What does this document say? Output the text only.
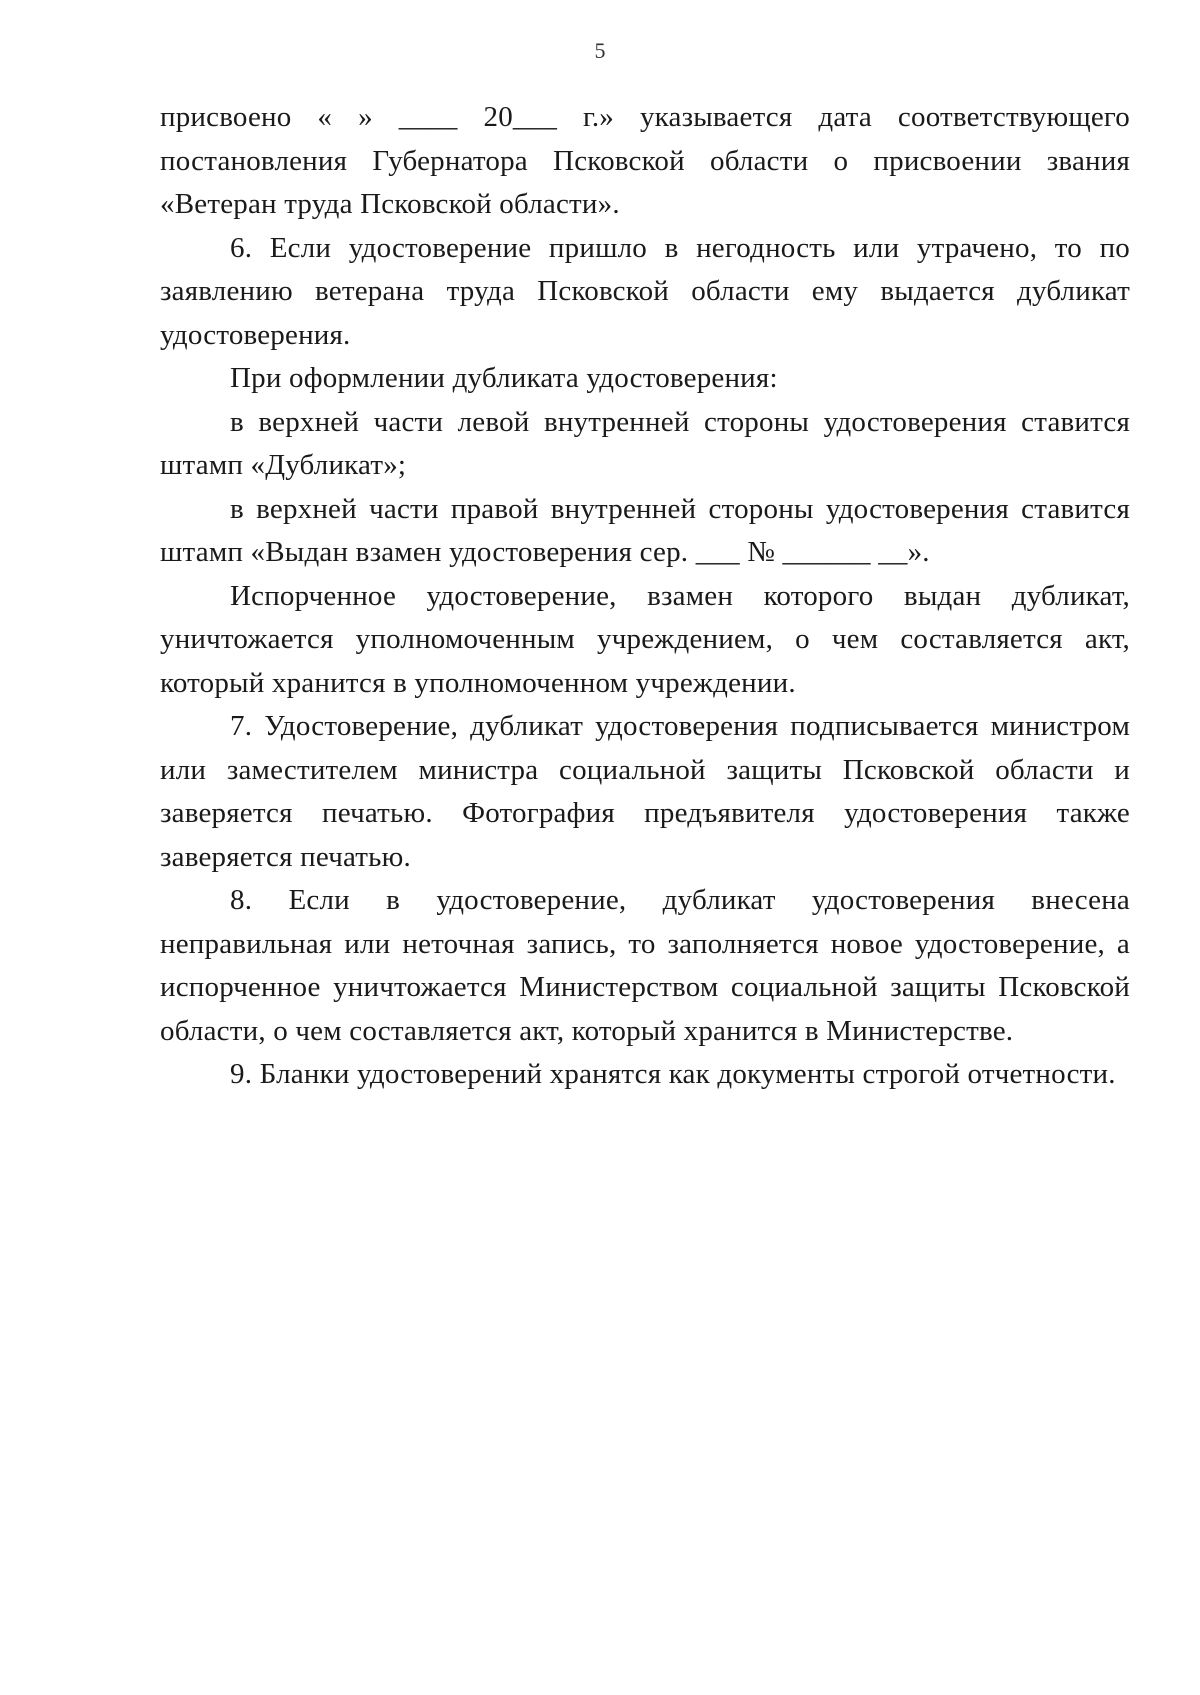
5

присвоено « » ____ 20___ г.» указывается дата соответствующего постановления Губернатора Псковской области о присвоении звания «Ветеран труда Псковской области».

6. Если удостоверение пришло в негодность или утрачено, то по заявлению ветерана труда Псковской области ему выдается дубликат удостоверения.

При оформлении дубликата удостоверения:

в верхней части левой внутренней стороны удостоверения ставится штамп «Дубликат»;

в верхней части правой внутренней стороны удостоверения ставится штамп «Выдан взамен удостоверения сер. ___ № ______ __».

Испорченное удостоверение, взамен которого выдан дубликат, уничтожается уполномоченным учреждением, о чем составляется акт, который хранится в уполномоченном учреждении.

7. Удостоверение, дубликат удостоверения подписывается министром или заместителем министра социальной защиты Псковской области и заверяется печатью. Фотография предъявителя удостоверения также заверяется печатью.

8. Если в удостоверение, дубликат удостоверения внесена неправильная или неточная запись, то заполняется новое удостоверение, а испорченное уничтожается Министерством социальной защиты Псковской области, о чем составляется акт, который хранится в Министерстве.

9. Бланки удостоверений хранятся как документы строгой отчетности.
